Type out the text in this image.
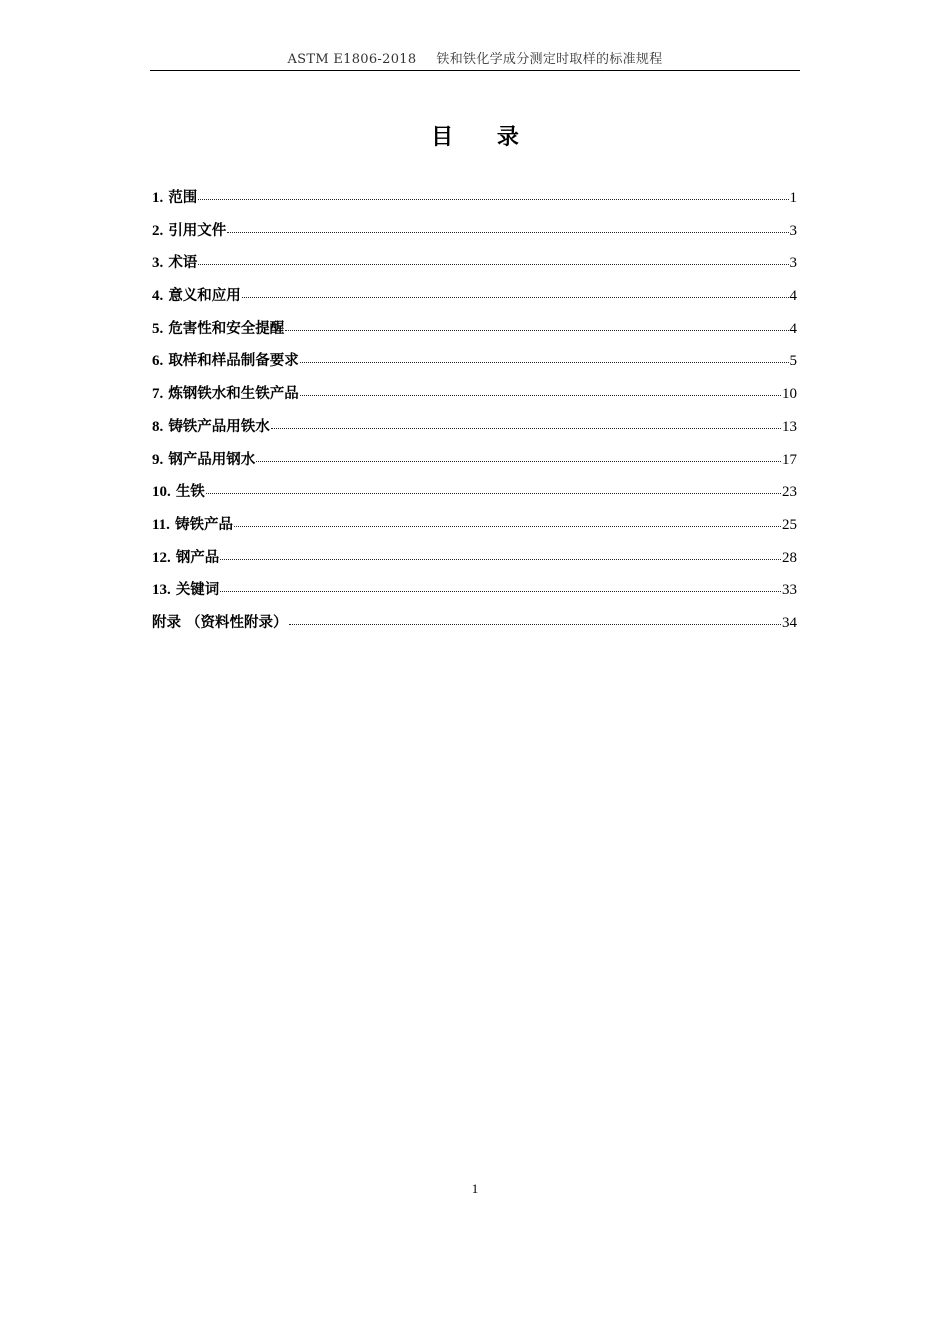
ASTM E1806-2018 铁和铁化学成分测定时取样的标准规程
目 录
1. 范围	1
2. 引用文件	3
3. 术语	3
4. 意义和应用	4
5. 危害性和安全提醒	4
6. 取样和样品制备要求	5
7. 炼钢铁水和生铁产品	10
8. 铸铁产品用铁水	13
9. 钢产品用钢水	17
10. 生铁	23
11. 铸铁产品	25
12. 钢产品	28
13. 关键词	33
附录 （资料性附录）	34
1
